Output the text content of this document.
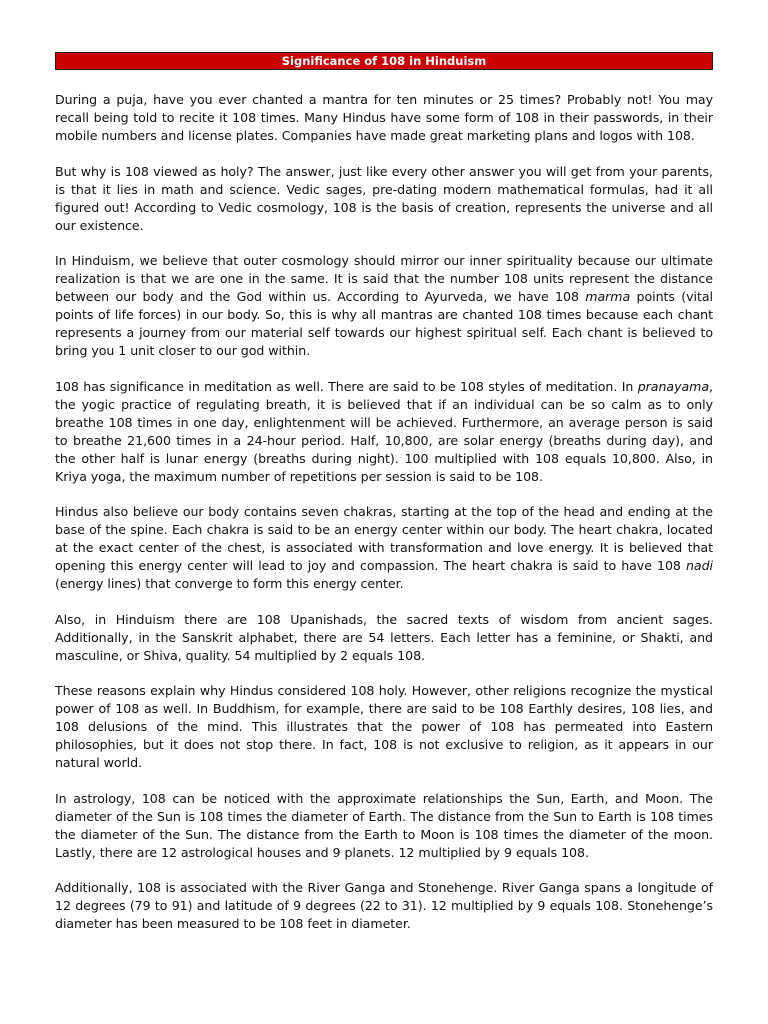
Significance of 108 in Hinduism

During a puja, have you ever chanted a mantra for ten minutes or 25 times? Probably not! You may recall being told to recite it 108 times. Many Hindus have some form of 108 in their passwords, in their mobile numbers and license plates. Companies have made great marketing plans and logos with 108.

But why is 108 viewed as holy? The answer, just like every other answer you will get from your parents, is that it lies in math and science. Vedic sages, pre-dating modern mathematical formulas, had it all figured out! According to Vedic cosmology, 108 is the basis of creation, represents the universe and all our existence.

In Hinduism, we believe that outer cosmology should mirror our inner spirituality because our ultimate realization is that we are one in the same. It is said that the number 108 units represent the distance between our body and the God within us. According to Ayurveda, we have 108 marma points (vital points of life forces) in our body. So, this is why all mantras are chanted 108 times because each chant represents a journey from our material self towards our highest spiritual self. Each chant is believed to bring you 1 unit closer to our god within.

108 has significance in meditation as well. There are said to be 108 styles of meditation. In pranayama, the yogic practice of regulating breath, it is believed that if an individual can be so calm as to only breathe 108 times in one day, enlightenment will be achieved. Furthermore, an average person is said to breathe 21,600 times in a 24-hour period. Half, 10,800, are solar energy (breaths during day), and the other half is lunar energy (breaths during night). 100 multiplied with 108 equals 10,800. Also, in Kriya yoga, the maximum number of repetitions per session is said to be 108.

Hindus also believe our body contains seven chakras, starting at the top of the head and ending at the base of the spine. Each chakra is said to be an energy center within our body. The heart chakra, located at the exact center of the chest, is associated with transformation and love energy. It is believed that opening this energy center will lead to joy and compassion. The heart chakra is said to have 108 nadi (energy lines) that converge to form this energy center.

Also, in Hinduism there are 108 Upanishads, the sacred texts of wisdom from ancient sages. Additionally, in the Sanskrit alphabet, there are 54 letters. Each letter has a feminine, or Shakti, and masculine, or Shiva, quality. 54 multiplied by 2 equals 108.

These reasons explain why Hindus considered 108 holy. However, other religions recognize the mystical power of 108 as well. In Buddhism, for example, there are said to be 108 Earthly desires, 108 lies, and 108 delusions of the mind. This illustrates that the power of 108 has permeated into Eastern philosophies, but it does not stop there. In fact, 108 is not exclusive to religion, as it appears in our natural world.

In astrology, 108 can be noticed with the approximate relationships the Sun, Earth, and Moon. The diameter of the Sun is 108 times the diameter of Earth. The distance from the Sun to Earth is 108 times the diameter of the Sun. The distance from the Earth to Moon is 108 times the diameter of the moon. Lastly, there are 12 astrological houses and 9 planets. 12 multiplied by 9 equals 108.

Additionally, 108 is associated with the River Ganga and Stonehenge. River Ganga spans a longitude of 12 degrees (79 to 91) and latitude of 9 degrees (22 to 31). 12 multiplied by 9 equals 108. Stonehenge’s diameter has been measured to be 108 feet in diameter.
